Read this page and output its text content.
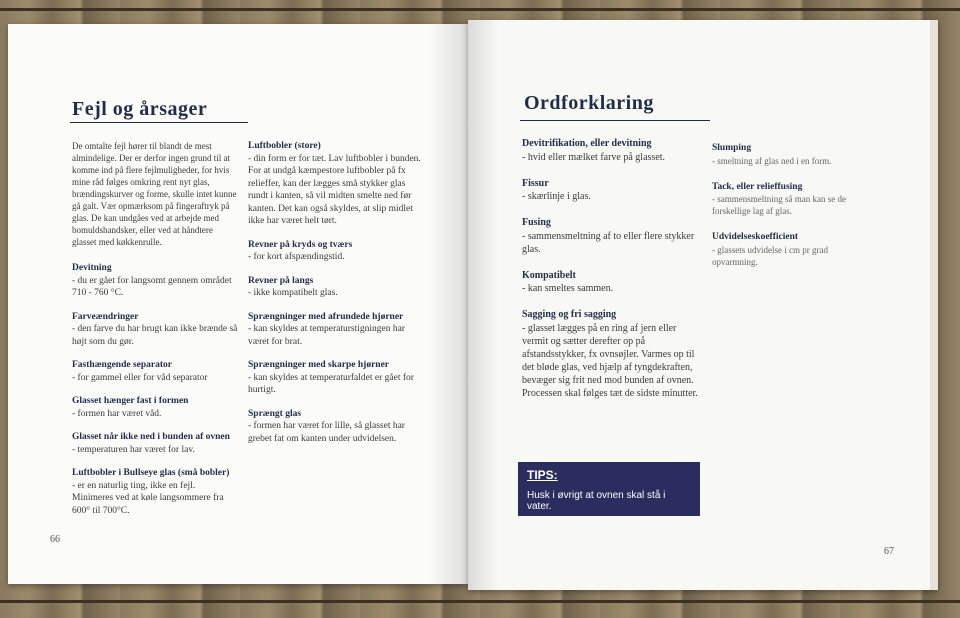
Fejl og årsager
De omtalte fejl hører til blandt de mest almindelige. Der er derfor ingen grund til at komme ind på flere fejlmuligheder, for hvis mine råd følges omkring rent nyt glas, brændingskurver og forme, skulle intet kunne gå galt. Vær opmærksom på fingeraftryk på glas. De kan undgåes ved at arbejde med bomuldshandsker, eller ved at håndtere glasset med køkkenrulle.
Devitning
- du er gået for langsomt gennem området 710 - 760 °C.
Farveændringer
- den farve du har brugt kan ikke brænde så højt som du gør.
Fasthængende separator
- for gammel eller for våd separator
Glasset hænger fast i formen
- formen har været våd.
Glasset når ikke ned i bunden af ovnen
- temperaturen har været for lav.
Luftbobler i Bullseye glas (små bobler)
- er en naturlig ting, ikke en fejl. Minimeres ved at køle langsommere fra 600° til 700°C.
Luftbobler (store)
- din form er for tæt. Lav luftbobler i bunden. For at undgå kæmpestore luftbobler på fx relieffer, kan der lægges små stykker glas rundt i kanten, så vil midten smelte ned før kanten. Det kan også skyldes, at slip midlet ikke har været helt tørt.
Revner på kryds og tværs
- for kort afspændingstid.
Revner på langs
- ikke kompatibelt glas.
Sprængninger med afrundede hjørner
- kan skyldes at temperaturstigningen har været for brat.
Sprængninger med skarpe hjørner
- kan skyldes at temperaturfaldet er gået for hurtigt.
Sprængt glas
- formen har været for lille, så glasset har grebet fat om kanten under udvidelsen.
66
Ordforklaring
Devitrifikation, eller devitning
- hvid eller mælket farve på glasset.
Fissur
- skærlinje i glas.
Fusing
- sammensmeltning af to eller flere stykker glas.
Kompatibelt
- kan smeltes sammen.
Sagging og fri sagging
- glasset lægges på en ring af jern eller vermit og sætter derefter op på afstandsstykker, fx ovnsøjler. Varmes op til det bløde glas, ved hjælp af tyngdekraften, bevæger sig frit ned mod bunden af ovnen. Processen skal følges tæt de sidste minutter.
Slumping
- smeltning af glas ned i en form.
Tack, eller relieffusing
- sammensmeltning så man kan se de forskellige lag af glas.
Udvidelseskoefficient
- glassets udvidelse i cm pr grad opvarmning.
TIPS:
Husk i øvrigt at ovnen skal stå i vater.
67
